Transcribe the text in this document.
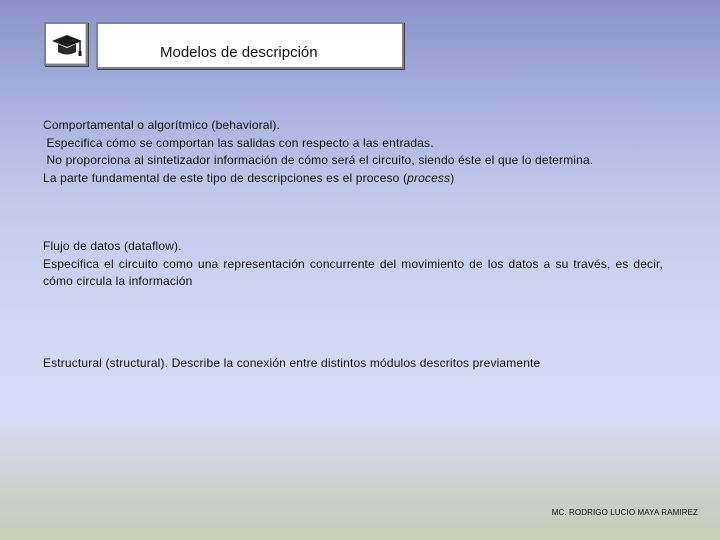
Modelos de descripción
Comportamental o algorítmico (behavioral).
Especifica cómo se comportan las salidas con respecto a las entradas.
No proporciona al sintetizador información de cómo será el circuito, siendo éste el que lo determina.
La parte fundamental de este tipo de descripciones es el proceso (process)
Flujo de datos (dataflow).
Especifica el circuito como una representación concurrente del movimiento de los datos a su través, es decir, cómo circula la información
Estructural (structural). Describe la conexión entre distintos módulos descritos previamente
MC. RODRIGO LUCIO MAYA RAMIREZ
